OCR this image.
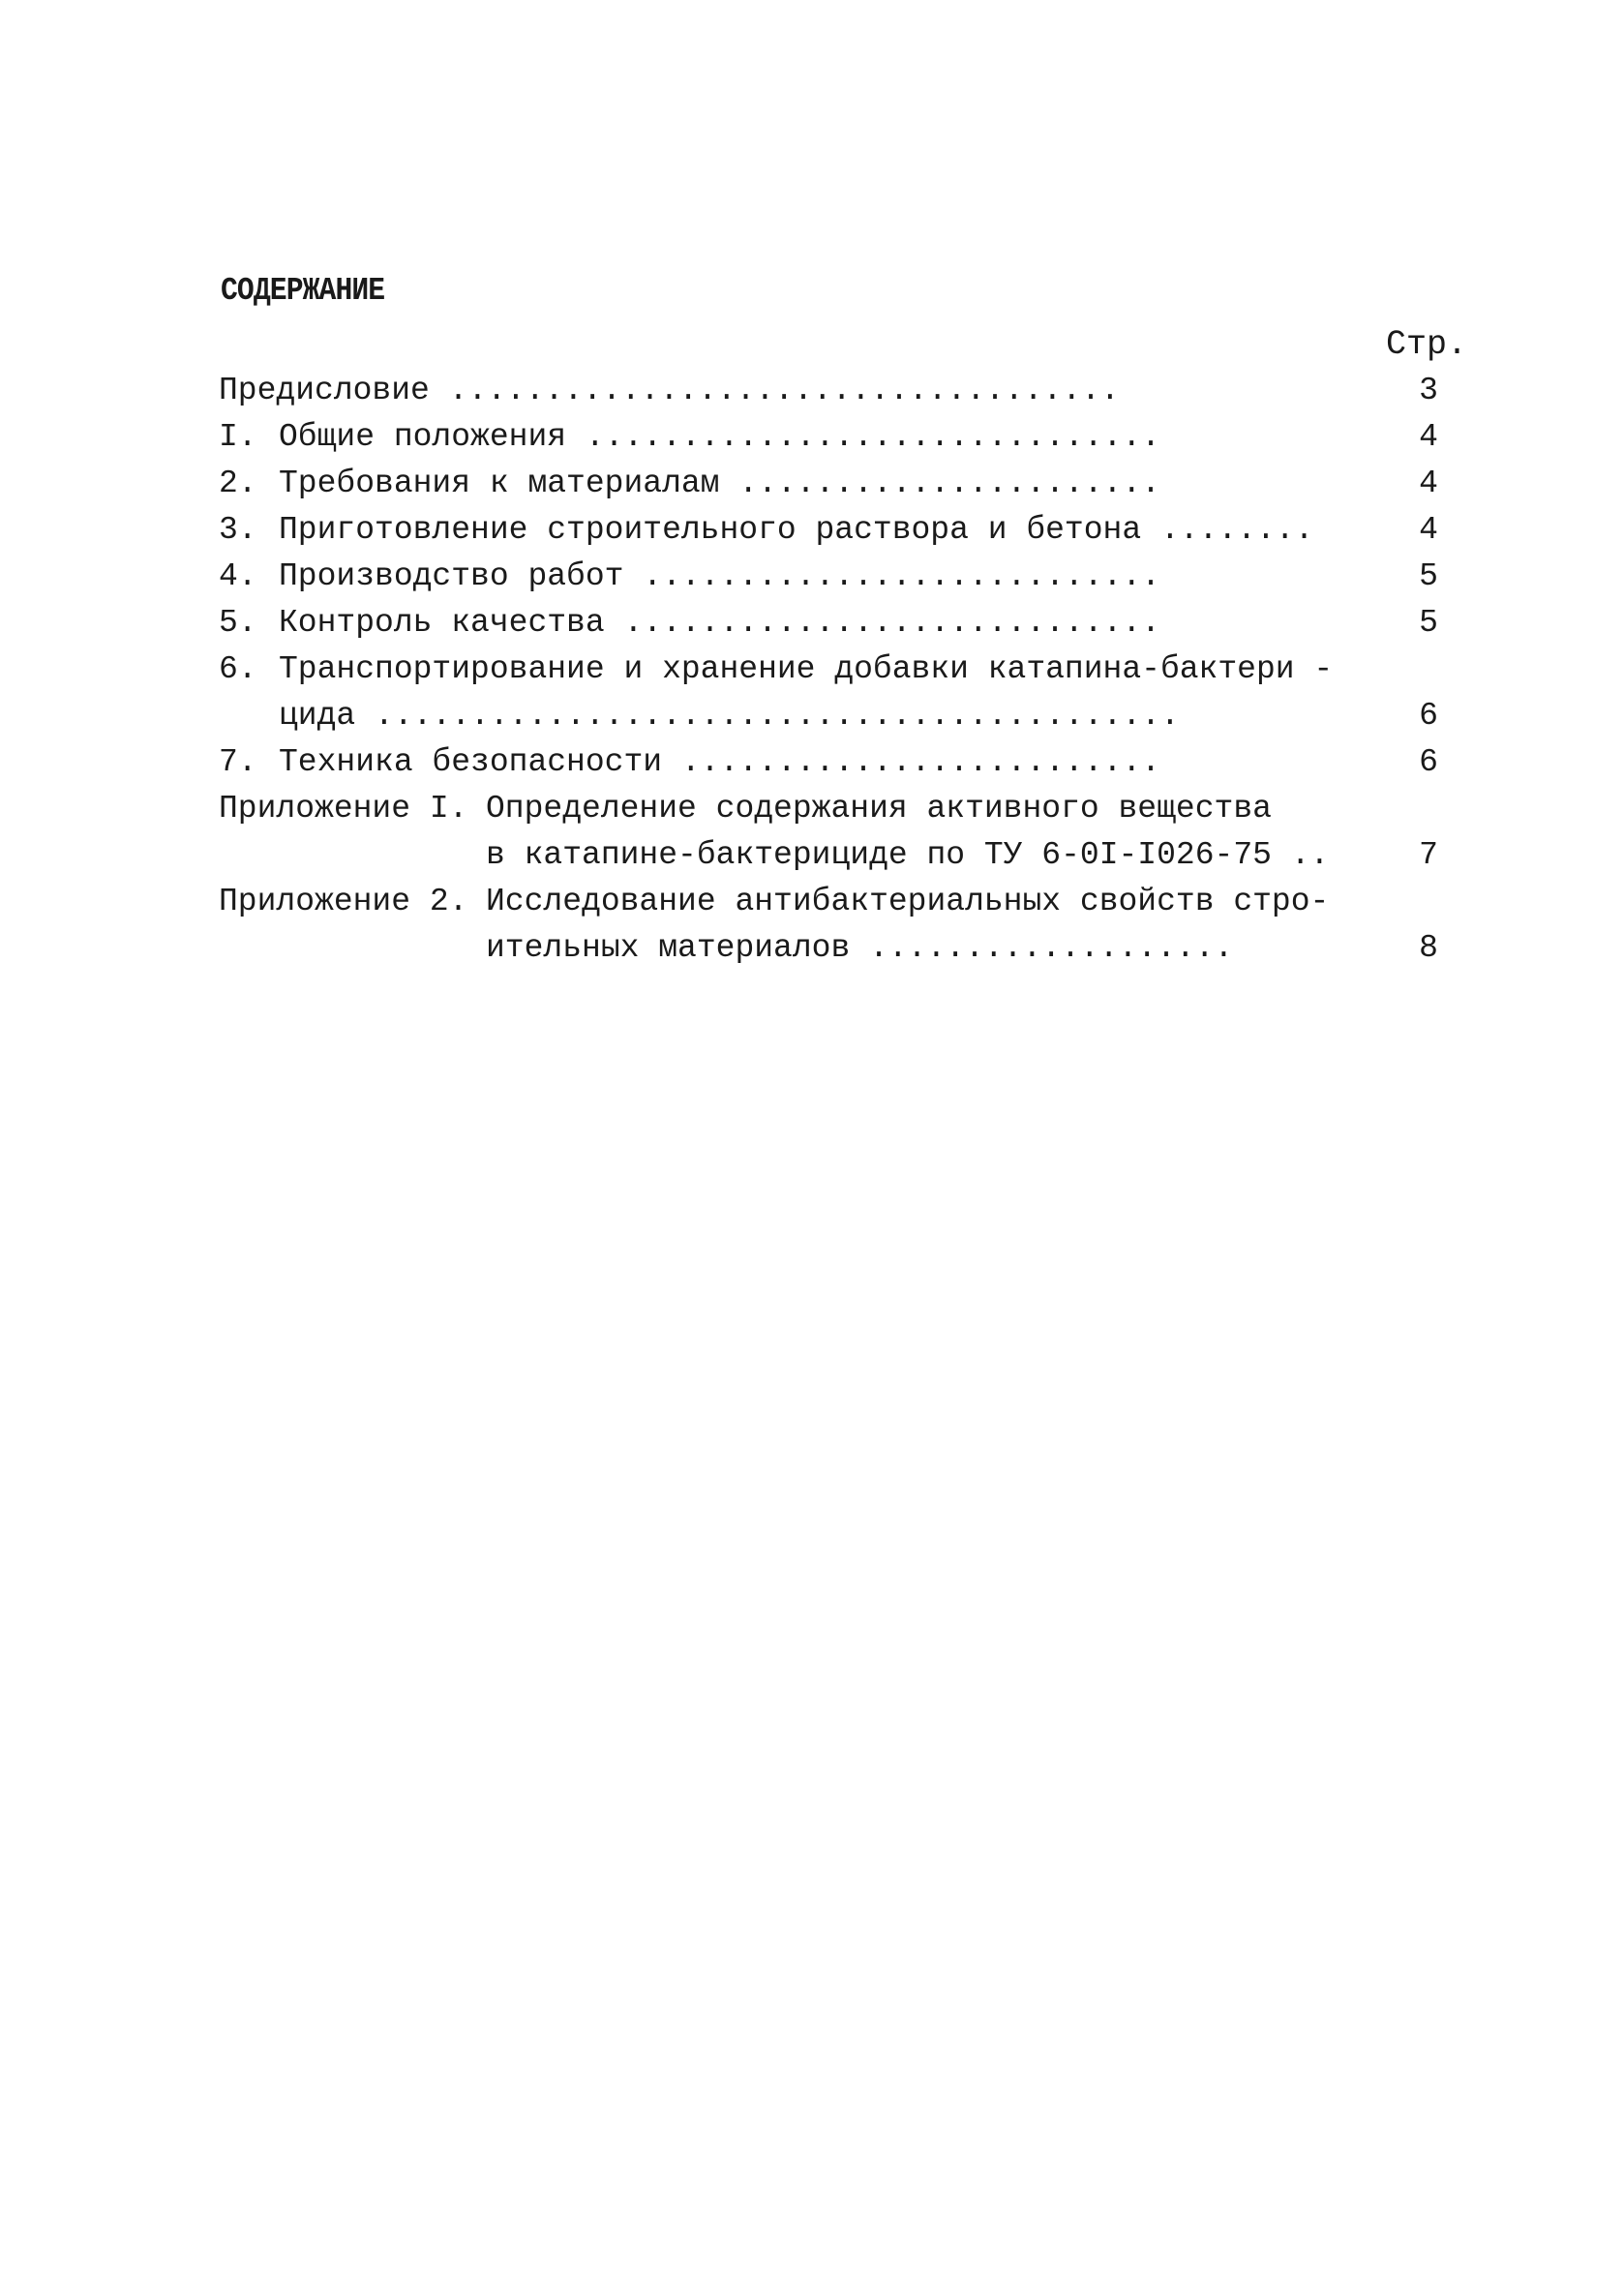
СОДЕРЖАНИЕ
Стр.
Предисловие ...................................	3
I. Общие положения ..............................	4
2. Требования к материалам ......................	4
3. Приготовление строительного раствора и бетона ........	4
4. Производство работ ...........................	5
5. Контроль качества ............................	5
6. Транспортирование и хранение добавки катапина-бактери -
цида ..........................................	6
7. Техника безопасности .........................	6
Приложение I. Определение содержания активного вещества
в катапине-бактерициде по ТУ 6-0I-I026-75 ..	7
Приложение 2. Исследование антибактериальных свойств стро-
ительных материалов ...................	8
